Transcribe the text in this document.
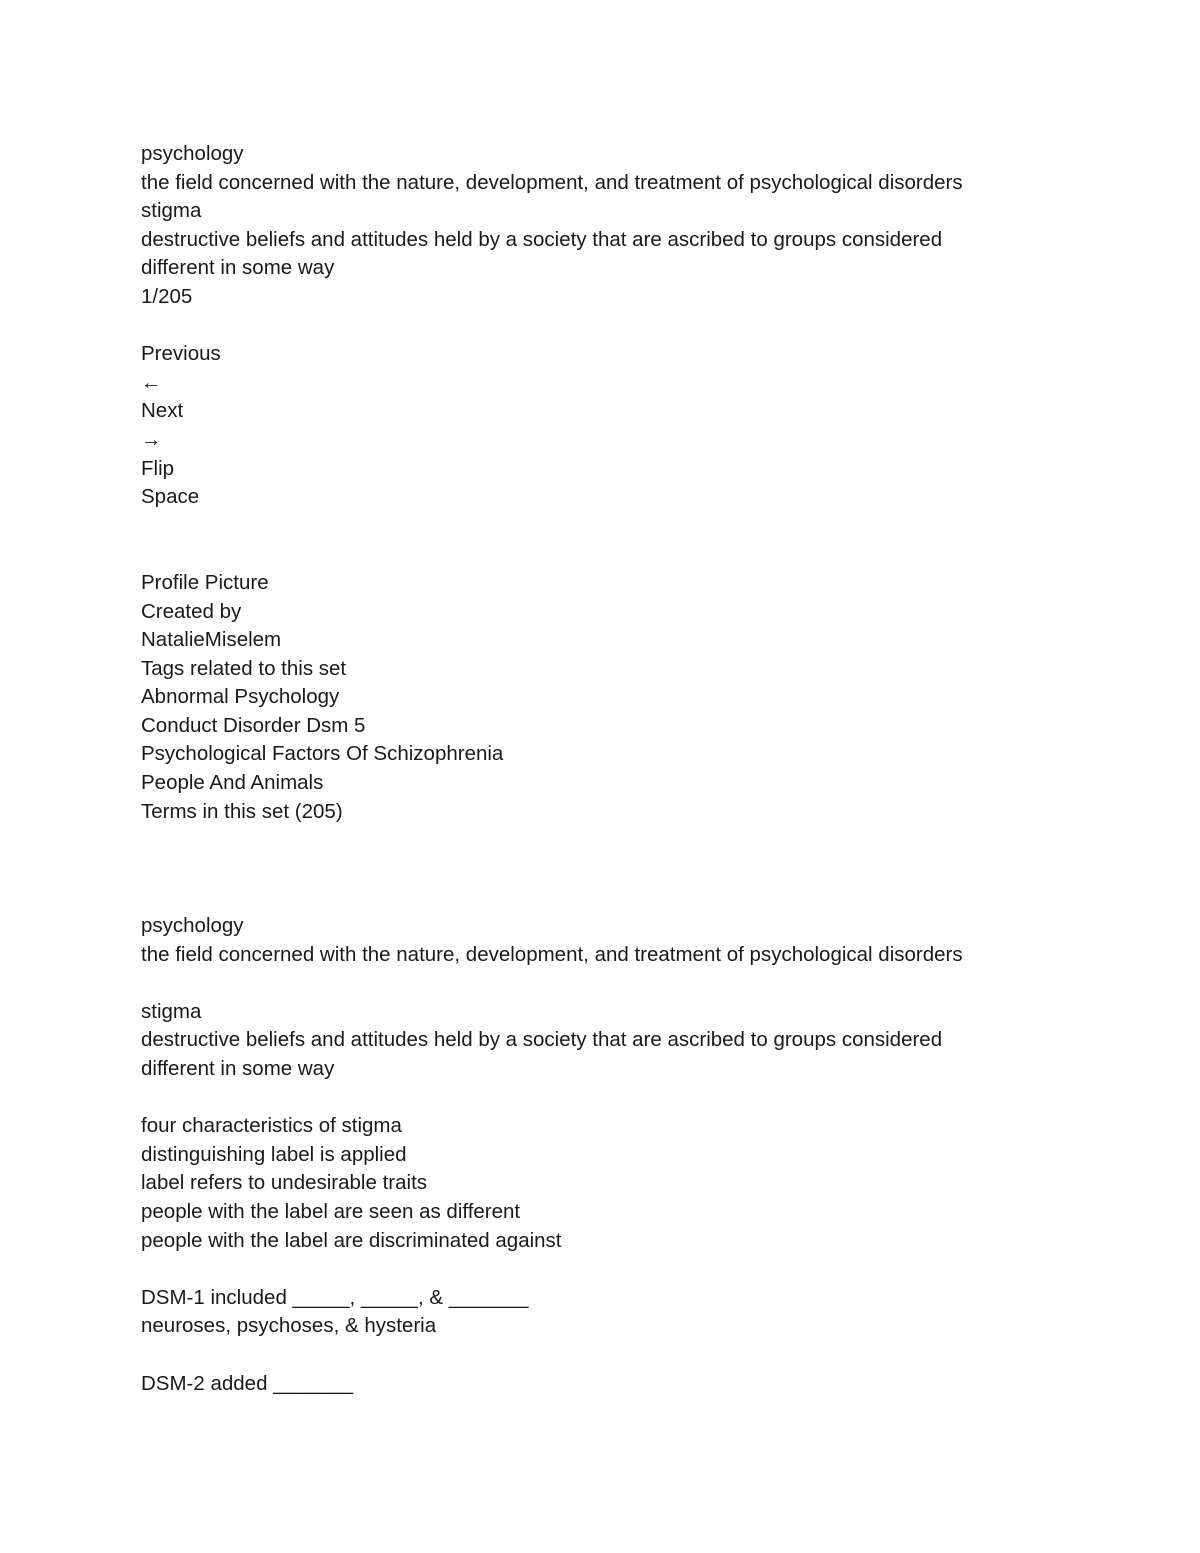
psychology
the field concerned with the nature, development, and treatment of psychological disorders
stigma
destructive beliefs and attitudes held by a society that are ascribed to groups considered
different in some way
1/205
Previous
←
Next
→
Flip
Space
Profile Picture
Created by
NatalieMiselem
Tags related to this set
Abnormal Psychology
Conduct Disorder Dsm 5
Psychological Factors Of Schizophrenia
People And Animals
Terms in this set (205)
psychology
the field concerned with the nature, development, and treatment of psychological disorders
stigma
destructive beliefs and attitudes held by a society that are ascribed to groups considered
different in some way
four characteristics of stigma
distinguishing label is applied
label refers to undesirable traits
people with the label are seen as different
people with the label are discriminated against
DSM-1 included _____, _____, & _______
neuroses, psychoses, & hysteria
DSM-2 added _______
